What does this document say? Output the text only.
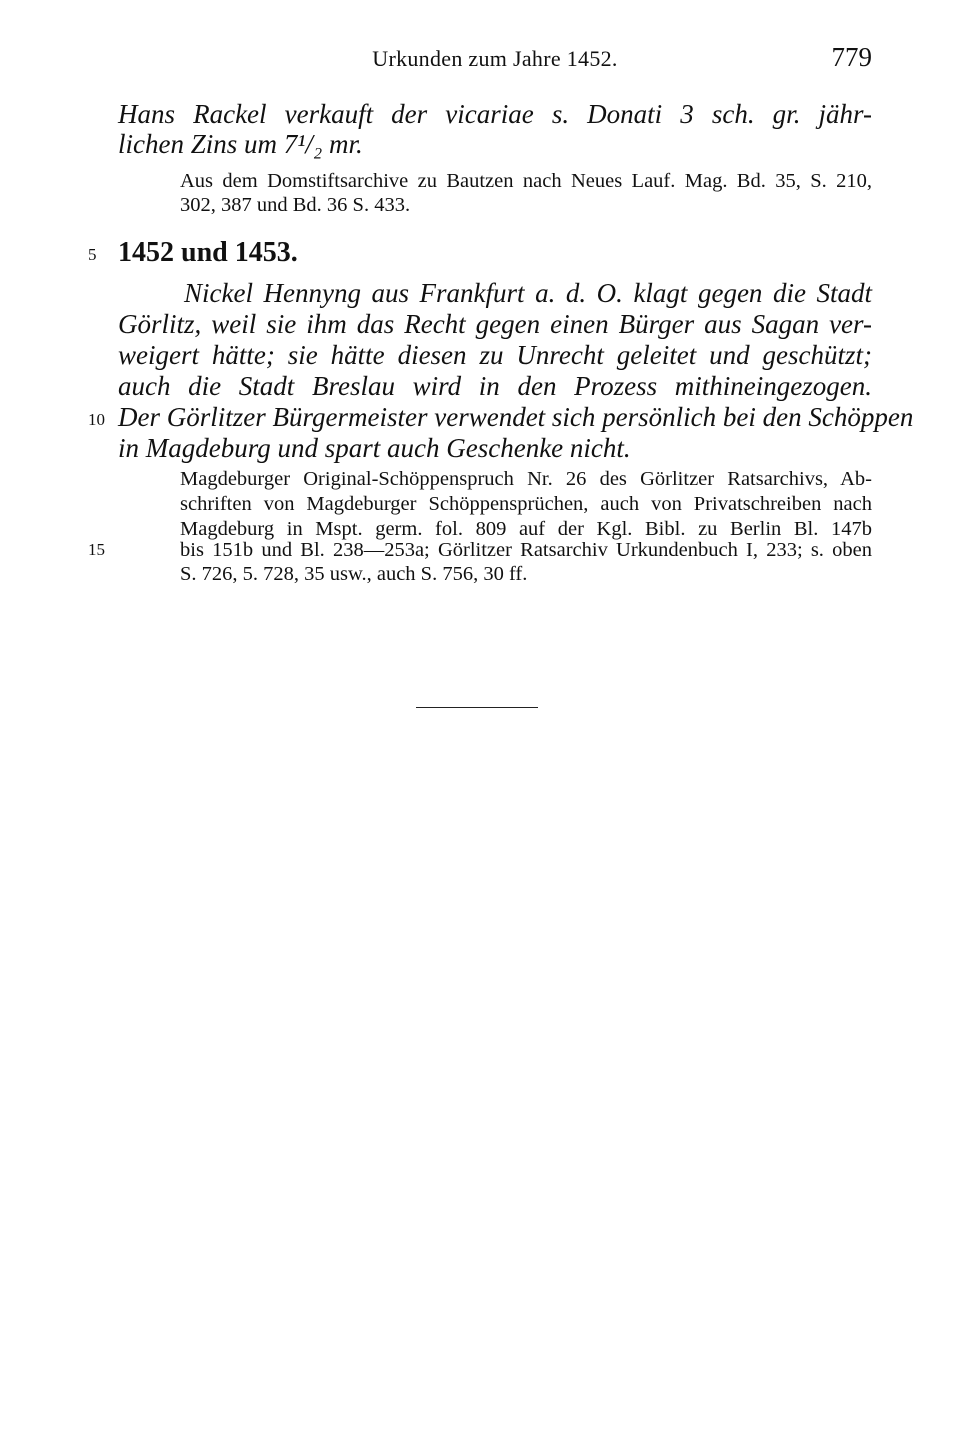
Urkunden zum Jahre 1452.	779
Hans Rackel verkauft der vicariae s. Donati 3 sch. gr. jähr-
lichen Zins um 7¹/₂ mr.
Aus dem Domstiftsarchive zu Bautzen nach Neues Lauf. Mag. Bd. 35, S. 210,
302, 387 und Bd. 36 S. 433.
5 1452 und 1453.
Nickel Hennyng aus Frankfurt a. d. O. klagt gegen die Stadt
Görlitz, weil sie ihm das Recht gegen einen Bürger aus Sagan ver-
weigert hätte; sie hätte diesen zu Unrecht geleitet und geschützt;
auch die Stadt Breslau wird in den Prozess mithineingezogen.
10 Der Görlitzer Bürgermeister verwendet sich persönlich bei den Schöppen
in Magdeburg und spart auch Geschenke nicht.
Magdeburger Original-Schöppenspruch Nr. 26 des Görlitzer Ratsarchivs, Ab-
schriften von Magdeburger Schöppensprüchen, auch von Privatschreiben nach
Magdeburg in Mspt. germ. fol. 809 auf der Kgl. Bibl. zu Berlin Bl. 147b
15	bis 151b und Bl. 238—253a; Görlitzer Ratsarchiv Urkundenbuch I, 233; s. oben
S. 726, 5. 728, 35 usw., auch S. 756, 30 ff.
